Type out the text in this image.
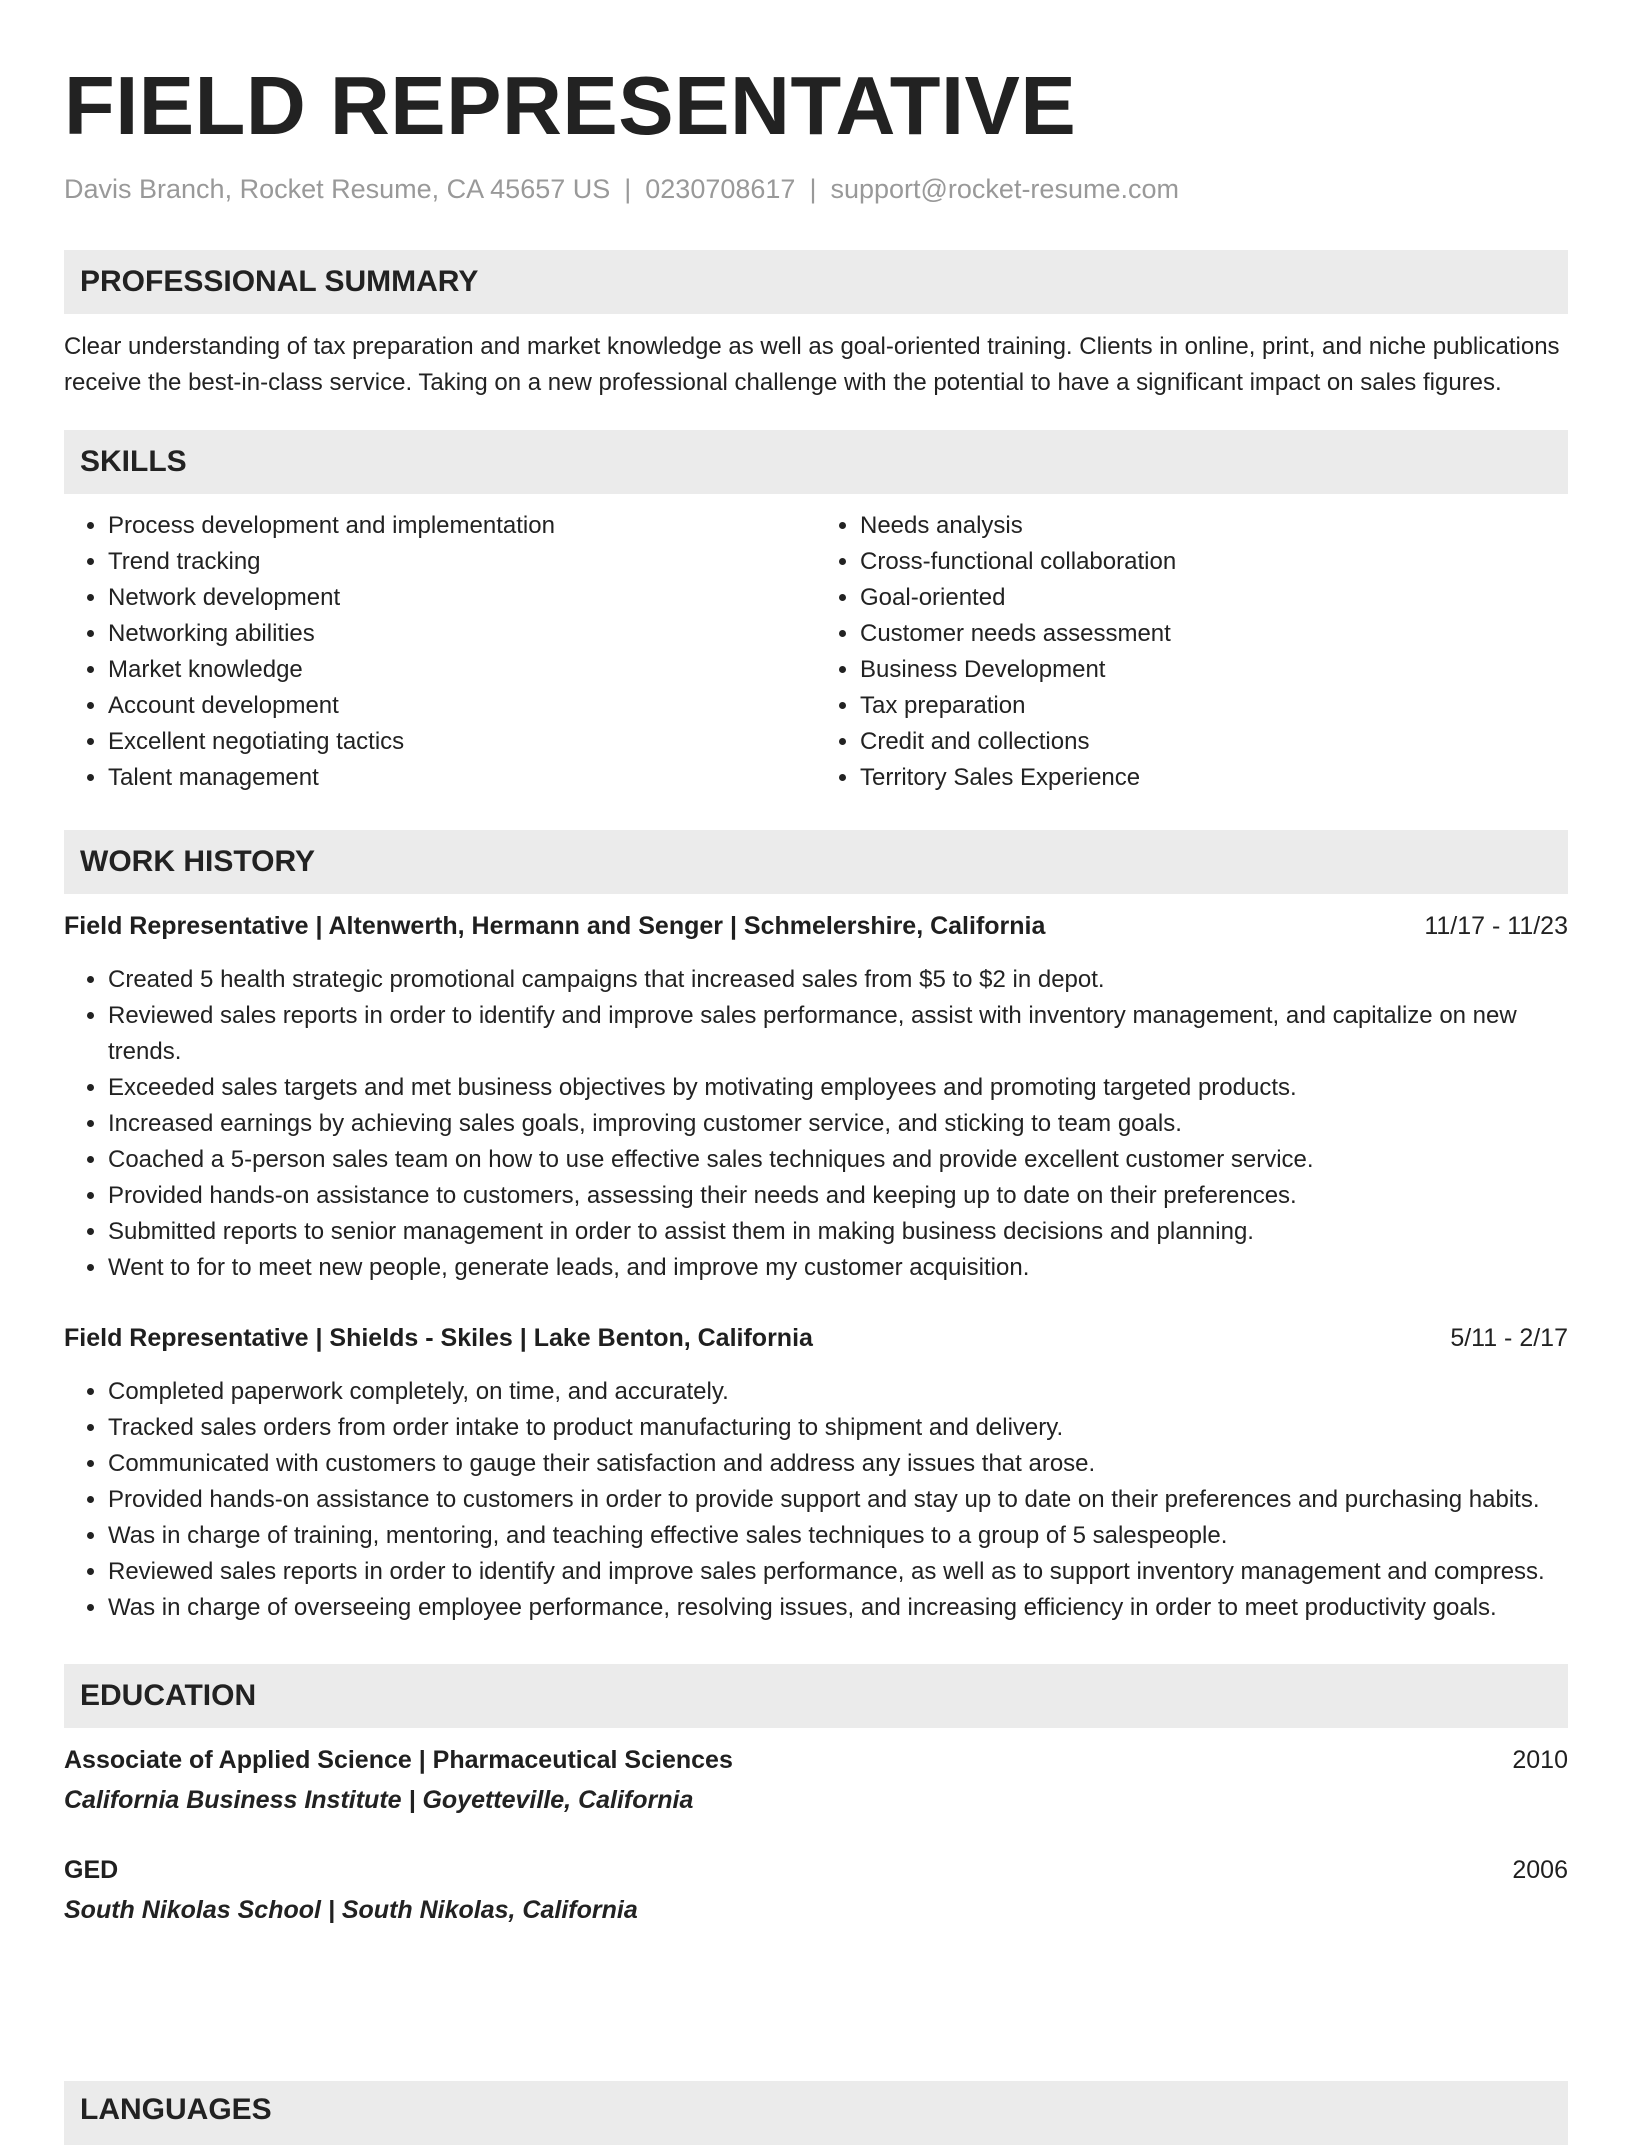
FIELD REPRESENTATIVE
Davis Branch, Rocket Resume, CA 45657 US | 0230708617 | support@rocket-resume.com
PROFESSIONAL SUMMARY
Clear understanding of tax preparation and market knowledge as well as goal-oriented training. Clients in online, print, and niche publications receive the best-in-class service. Taking on a new professional challenge with the potential to have a significant impact on sales figures.
SKILLS
• Process development and implementation
• Trend tracking
• Network development
• Networking abilities
• Market knowledge
• Account development
• Excellent negotiating tactics
• Talent management
• Needs analysis
• Cross-functional collaboration
• Goal-oriented
• Customer needs assessment
• Business Development
• Tax preparation
• Credit and collections
• Territory Sales Experience
WORK HISTORY
Field Representative | Altenwerth, Hermann and Senger | Schmelershire, California	11/17 - 11/23
• Created 5 health strategic promotional campaigns that increased sales from $5 to $2 in depot.
• Reviewed sales reports in order to identify and improve sales performance, assist with inventory management, and capitalize on new trends.
• Exceeded sales targets and met business objectives by motivating employees and promoting targeted products.
• Increased earnings by achieving sales goals, improving customer service, and sticking to team goals.
• Coached a 5-person sales team on how to use effective sales techniques and provide excellent customer service.
• Provided hands-on assistance to customers, assessing their needs and keeping up to date on their preferences.
• Submitted reports to senior management in order to assist them in making business decisions and planning.
• Went to for to meet new people, generate leads, and improve my customer acquisition.
Field Representative | Shields - Skiles | Lake Benton, California	5/11 - 2/17
• Completed paperwork completely, on time, and accurately.
• Tracked sales orders from order intake to product manufacturing to shipment and delivery.
• Communicated with customers to gauge their satisfaction and address any issues that arose.
• Provided hands-on assistance to customers in order to provide support and stay up to date on their preferences and purchasing habits.
• Was in charge of training, mentoring, and teaching effective sales techniques to a group of 5 salespeople.
• Reviewed sales reports in order to identify and improve sales performance, as well as to support inventory management and compress.
• Was in charge of overseeing employee performance, resolving issues, and increasing efficiency in order to meet productivity goals.
EDUCATION
Associate of Applied Science | Pharmaceutical Sciences	2010
California Business Institute | Goyetteville, California
GED	2006
South Nikolas School | South Nikolas, California
LANGUAGES
